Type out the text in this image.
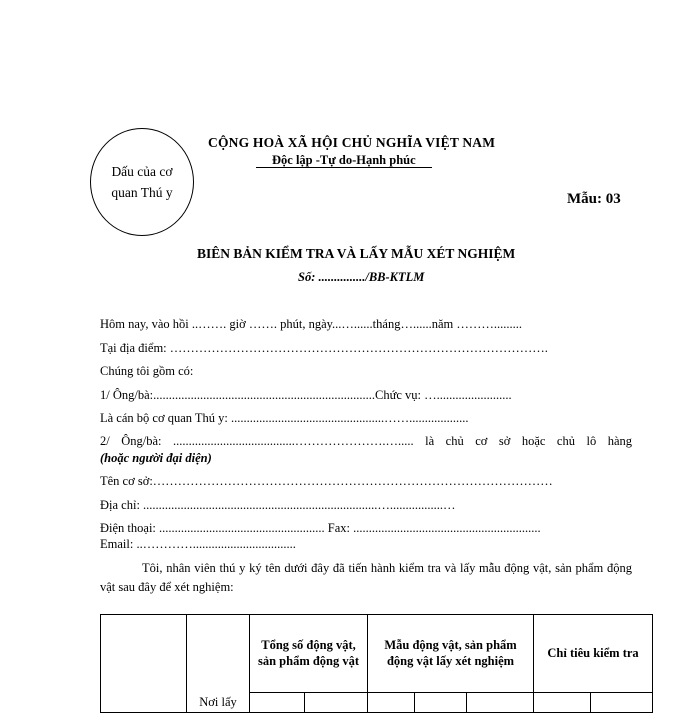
Dấu của cơ quan Thú y
CỘNG HOÀ XÃ HỘI CHỦ NGHĨA VIỆT NAM
Độc lập -Tự do-Hạnh phúc
Mẫu: 03
BIÊN BẢN KIỂM TRA VÀ LẤY MẪU XÉT NGHIỆM
Số: .............../BB-KTLM
Hôm nay, vào hồi ..……. giờ ……. phút, ngày...…......tháng…......năm ……….........
Tại địa điểm: ……………………………………………………………………………….
Chúng tôi gồm có:
1/ Ông/bà:.......................................................................Chức vụ: …........................
Là cán bộ cơ quan Thú y: .................................................……...................
2/ Ông/bà: .......................................………………….…..... là chủ cơ sở hoặc chủ lô hàng
(hoặc người đại diện)
Tên cơ sở:……………………………………………………………………………………
Địa chỉ: ...........................................................................….................…
Điện thoại: ..................................................... Fax: ............................................................
Email: ..………….................................
Tôi, nhân viên thú y ký tên dưới đây đã tiến hành kiểm tra và lấy mẫu động vật, sản phẩm động vật sau đây để xét nghiệm:
	Nơi lấy	Tổng số động vật, sản phẩm động vật		Mẫu động vật, sản phẩm động vật lấy xét nghiệm			Chỉ tiêu kiểm tra	
